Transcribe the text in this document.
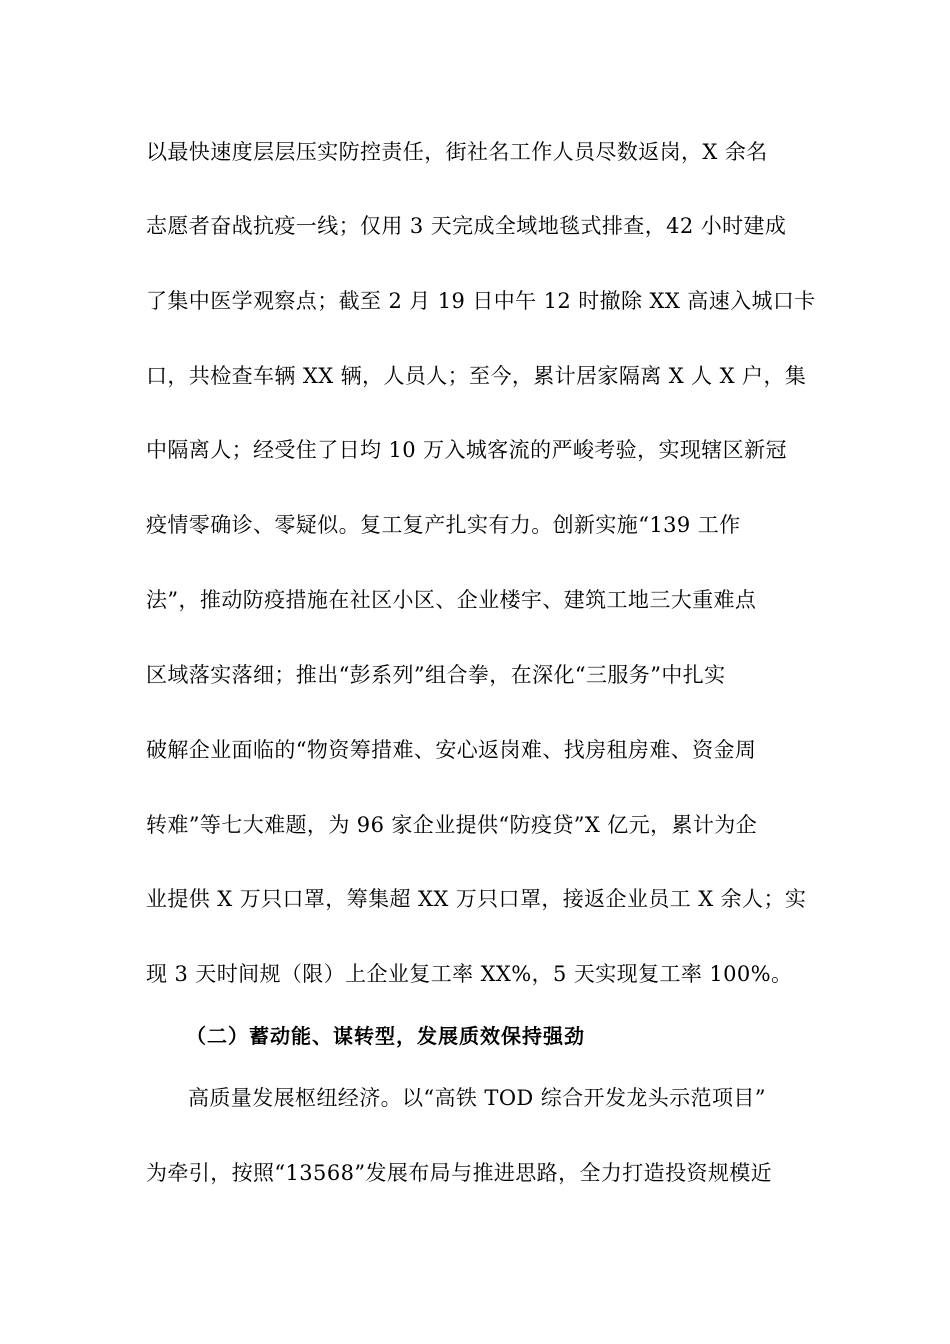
以最快速度层层压实防控责任，街社名工作人员尽数返岗，X 余名
志愿者奋战抗疫一线；仅用 3 天完成全域地毯式排查，42 小时建成
了集中医学观察点；截至 2 月 19 日中午 12 时撤除 XX 高速入城口卡
口，共检查车辆 XX 辆，人员人；至今，累计居家隔离 X 人 X 户，集
中隔离人；经受住了日均 10 万入城客流的严峻考验，实现辖区新冠
疫情零确诊、零疑似。复工复产扎实有力。创新实施“139 工作
法”，推动防疫措施在社区小区、企业楼宇、建筑工地三大重难点
区域落实落细；推出“彭系列”组合拳，在深化“三服务”中扎实
破解企业面临的“物资筹措难、安心返岗难、找房租房难、资金周
转难”等七大难题，为 96 家企业提供“防疫贷”X 亿元，累计为企
业提供 X 万只口罩，筹集超 XX 万只口罩，接返企业员工 X 余人；实
现 3 天时间规（限）上企业复工率 XX%，5 天实现复工率 100%。
（二）蓄动能、谋转型，发展质效保持强劲
高质量发展枢纽经济。以“高铁 TOD 综合开发龙头示范项目”
为牵引，按照“13568”发展布局与推进思路，全力打造投资规模近
